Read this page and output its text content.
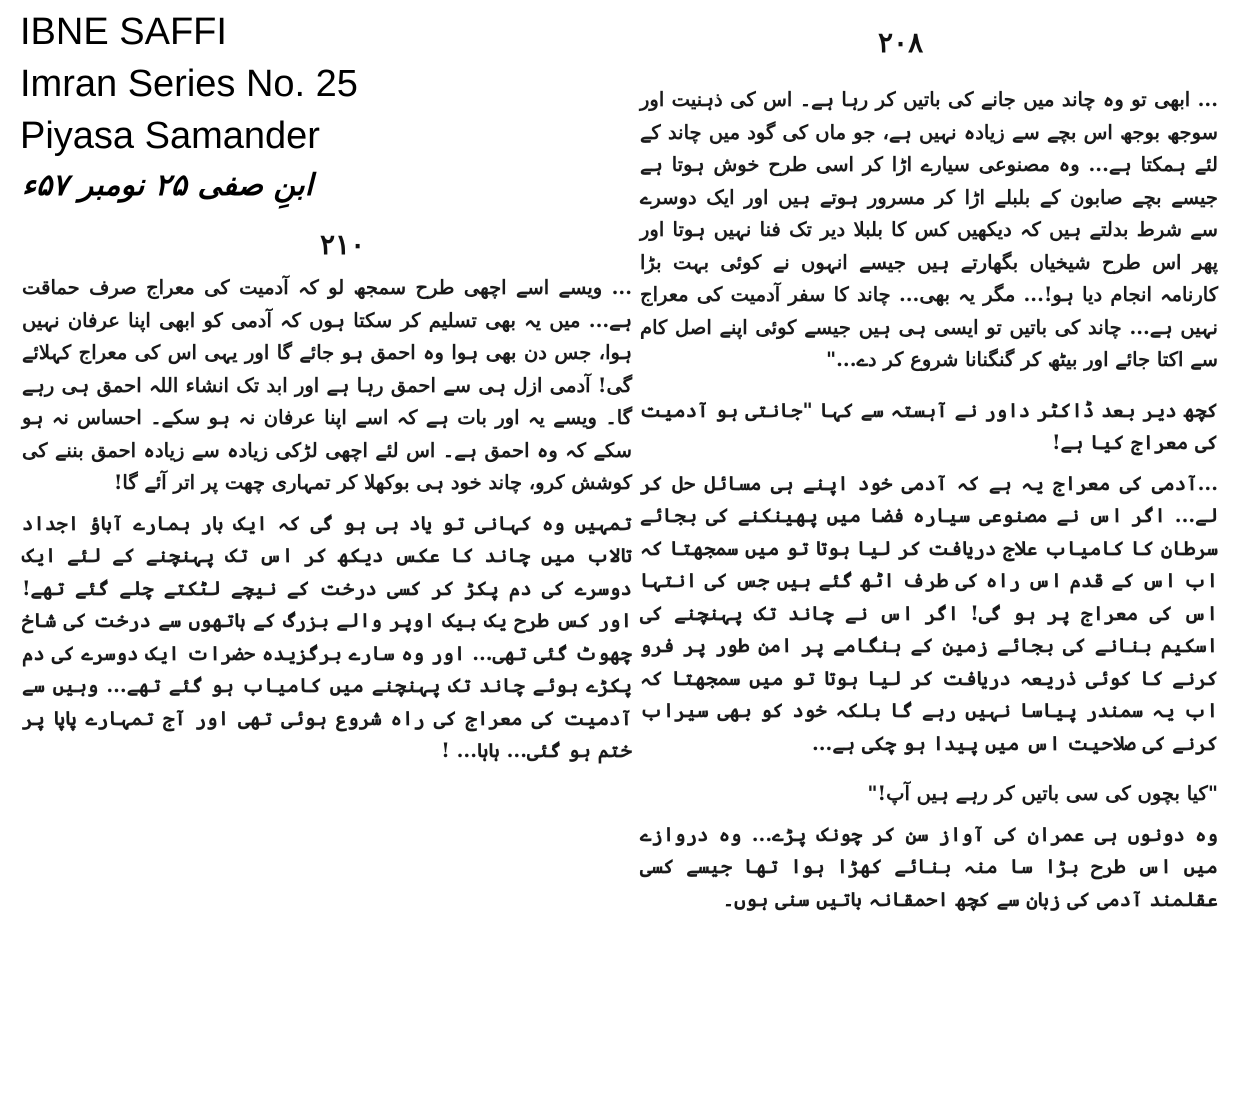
IBNE SAFFI
Imran Series No. 25
Piyasa Samander
ابنِ صفی ۲۵ نومبر ۵۷ء
۲۱۰
۲۰۸

... ویسے اسے اچھی طرح سمجھ لو کہ آدمیت کی معراج صرف حماقت ہے... میں یہ بھی تسلیم کر سکتا ہوں کہ آدمی کو ابھی اپنا عرفان نہیں ہوا، جس دن بھی ہوا وہ احمق ہو جائے گا اور یہی اس کی معراج کہلائے گی! آدمی ازل ہی سے احمق رہا ہے اور ابد تک انشاء اللہ احمق ہی رہے گا۔ ویسے یہ اور بات ہے کہ اسے اپنا عرفان نہ ہو سکے۔ احساس نہ ہو سکے کہ وہ احمق ہے۔ اس لئے اچھی لڑکی زیادہ سے زیادہ احمق بننے کی کوشش کرو، چاند خود ہی بوکھلا کر تمہاری چھت پر اتر آئے گا!

تمہیں وہ کہانی تو یاد ہی ہو گی کہ ایک بار ہمارے آباؤ اجداد تالاب میں چاند کا عکس دیکھ کر اس تک پہنچنے کے لئے ایک دوسرے کی دم پکڑ کر کسی درخت کے نیچے لٹکتے چلے گئے تھے! اور کس طرح یک بیک اوپر والے بزرگ کے ہاتھوں سے درخت کی شاخ چھوٹ گئی تھی... اور وہ سارے برگزیدہ حضرات ایک دوسرے کی دم پکڑے ہوئے چاند تک پہنچنے میں کامیاب ہو گئے تھے... وہیں سے آدمیت کی معراج کی راہ شروع ہوئی تھی اور آج تمہارے پاپا پر ختم ہو گئی... ہاہا... !

... ابھی تو وہ چاند میں جانے کی باتیں کر رہا ہے۔ اس کی ذہنیت اور سوجھ بوجھ اس بچے سے زیادہ نہیں ہے، جو ماں کی گود میں چاند کے لئے ہمکتا ہے... وہ مصنوعی سیارے اڑا کر اسی طرح خوش ہوتا ہے جیسے بچے صابون کے بلبلے اڑا کر مسرور ہوتے ہیں اور ایک دوسرے سے شرط بدلتے ہیں کہ دیکھیں کس کا بلبلا دیر تک فنا نہیں ہوتا اور پھر اس طرح شیخیاں بگھارتے ہیں جیسے انہوں نے کوئی بہت بڑا کارنامہ انجام دیا ہو!... مگر یہ بھی... چاند کا سفر آدمیت کی معراج نہیں ہے... چاند کی باتیں تو ایسی ہی ہیں جیسے کوئی اپنے اصل کام سے اکتا جائے اور بیٹھ کر گنگنانا شروع کر دے..."

کچھ دیر بعد ڈاکٹر داور نے آہستہ سے کہا "جانتی ہو آدمیت کی معراج کیا ہے!

...آدمی کی معراج یہ ہے کہ آدمی خود اپنے ہی مسائل حل کر لے... اگر اس نے مصنوعی سیارہ فضا میں پھینکنے کی بجائے سرطان کا کامیاب علاج دریافت کر لیا ہوتا تو میں سمجھتا کہ اب اس کے قدم اس راہ کی طرف اٹھ گئے ہیں جس کی انتہا اس کی معراج پر ہو گی! اگر اس نے چاند تک پہنچنے کی اسکیم بنانے کی بجائے زمین کے ہنگامے پر امن طور پر فرو کرنے کا کوئی ذریعہ دریافت کر لیا ہوتا تو میں سمجھتا کہ اب یہ سمندر پیاسا نہیں رہے گا بلکہ خود کو بھی سیراب کرنے کی صلاحیت اس میں پیدا ہو چکی ہے...

"کیا بچوں کی سی باتیں کر رہے ہیں آپ!"

وہ دونوں ہی عمران کی آواز سن کر چونک پڑے... وہ دروازے میں اس طرح بڑا سا منہ بنائے کھڑا ہوا تھا جیسے کسی عقلمند آدمی کی زبان سے کچھ احمقانہ باتیں سنی ہوں۔
